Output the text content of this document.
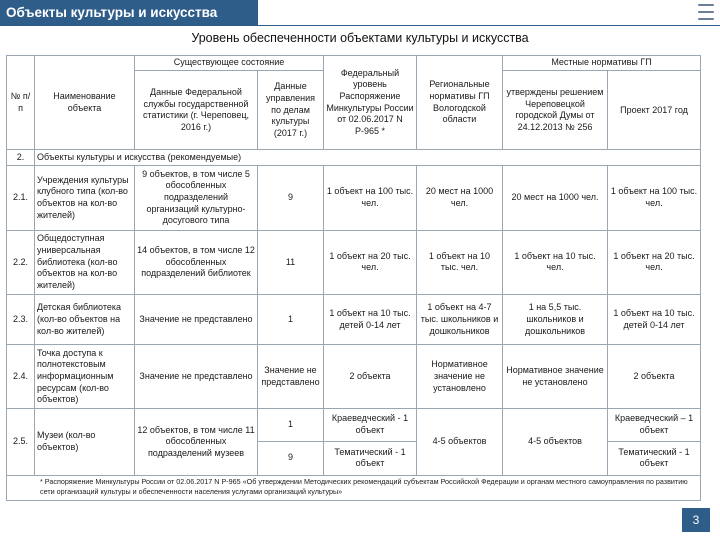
Объекты культуры и искусства
Уровень обеспеченности объектами культуры и искусства
№ п/п	Наименование объекта	Существующее состояние		Федеральный уровень Распоряжение Минкультуры России от 02.06.2017 N Р-965 *	Региональные нормативы ГП Вологодской области	Местные нормативы ГП	
		Данные Федеральной службы государственной статистики (г. Череповец, 2016 г.)	Данные управления по делам культуры (2017 г.)			утверждены решением Череповецкой городской Думы от 24.12.2013 № 256	Проект 2017 год
2.	Объекты культуры и искусства (рекомендуемые)						
2.1.	Учреждения культуры клубного типа (кол-во объектов на кол-во жителей)	9 объектов, в том числе 5 обособленных подразделений организаций культурно-досугового типа	9	1 объект на 100 тыс. чел.	20 мест на 1000 чел.	20 мест на 1000 чел.	1 объект на 100 тыс. чел.
2.2.	Общедоступная универсальная библиотека (кол-во объектов на кол-во жителей)	14 объектов, в том числе 12 обособленных подразделений библиотек	11	1 объект на 20 тыс. чел.	1 объект на 10 тыс. чел.	1 объект на 10 тыс. чел.	1 объект на 20 тыс. чел.
2.3.	Детская библиотека (кол-во объектов на кол-во жителей)	Значение не представлено	1	1 объект на 10 тыс. детей 0-14 лет	1 объект на 4-7 тыс. школьников и дошкольников	1 на 5,5 тыс. школьников и дошкольников	1 объект на 10 тыс. детей 0-14 лет
2.4.	Точка доступа к полнотекстовым информационным ресурсам (кол-во объектов)	Значение не представлено	Значение не представлено	2 объекта	Нормативное значение не установлено	Нормативное значение не установлено	2 объекта
2.5.	Музеи (кол-во объектов)	12 объектов, в том числе 11 обособленных подразделений музеев	1	Краеведческий - 1 объект	4-5 объектов	4-5 объектов	Краеведческий – 1 объект
			9	Тематический - 1 объект			Тематический - 1 объект

* Распоряжение Минкультуры России от 02.06.2017 N Р-965 «Об утверждении Методических рекомендаций субъектам Российской Федерации и органам местного самоуправления по развитию сети организаций культуры и обеспеченности населения услугами организаций культуры»
3
